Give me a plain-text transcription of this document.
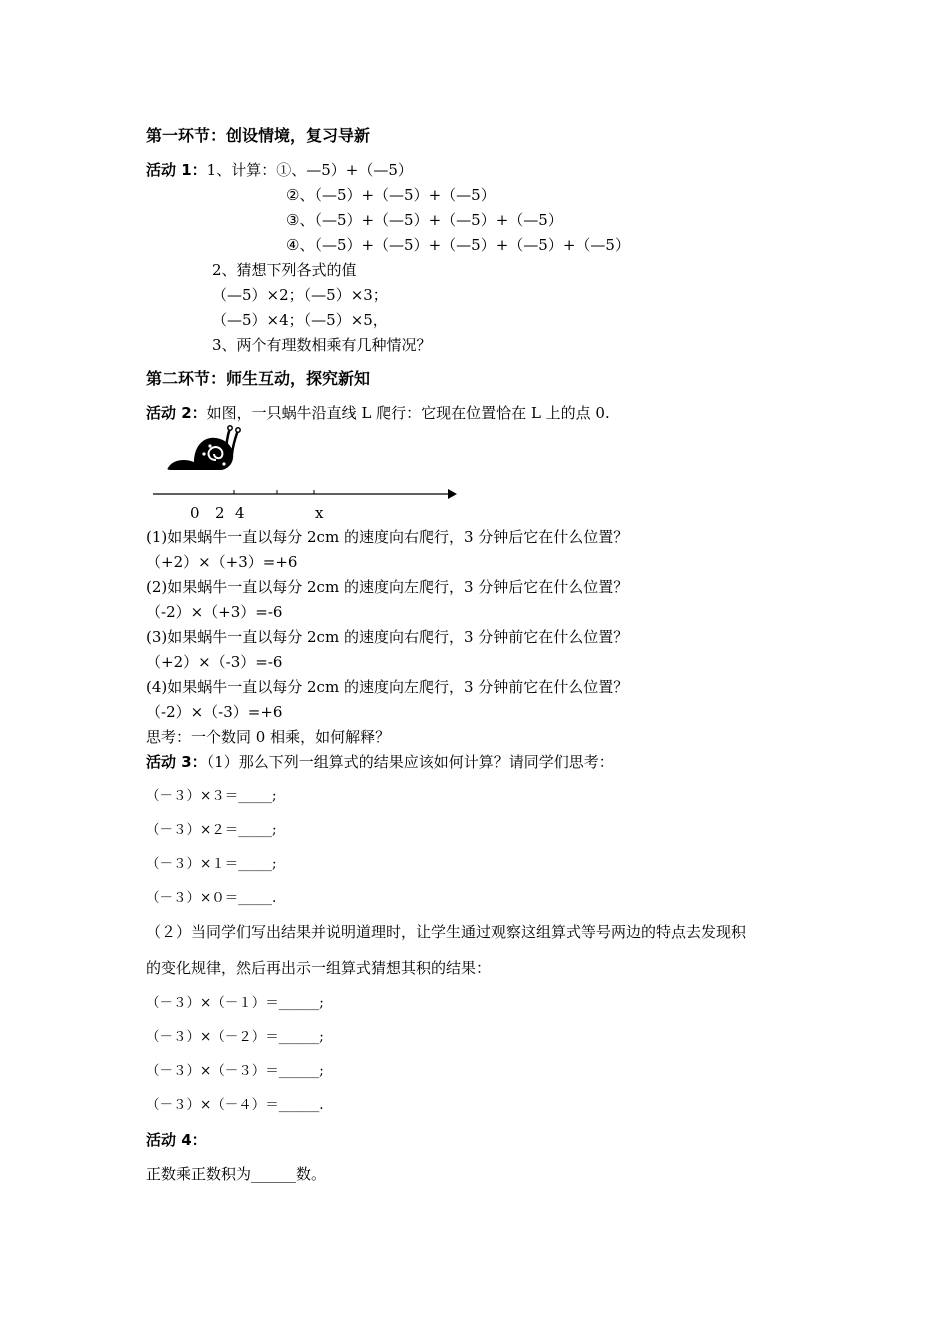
第一环节：创设情境，复习导新
活动 1：1、计算：①、—5）+（—5）
②、（—5）+（—5）+（—5）
③、（—5）+（—5）+（—5）+（—5）
④、（—5）+（—5）+（—5）+（—5）+（—5）
2、猜想下列各式的值
（—5）×2；（—5）×3；
（—5）×4；（—5）×5，
3、两个有理数相乘有几种情况？
第二环节：师生互动，探究新知
活动 2：如图，一只蜗牛沿直线 L 爬行：它现在位置恰在 L 上的点 0.
0 2 4	x
(1)如果蜗牛一直以每分 2cm 的速度向右爬行，3 分钟后它在什么位置？
（+2）×（+3）=+6
(2)如果蜗牛一直以每分 2cm 的速度向左爬行，3 分钟后它在什么位置？
（-2）×（+3）=-6
(3)如果蜗牛一直以每分 2cm 的速度向右爬行，3 分钟前它在什么位置？
（+2）×（-3）=-6
(4)如果蜗牛一直以每分 2cm 的速度向左爬行，3 分钟前它在什么位置？
（-2）×（-3）=+6
思考：一个数同 0 相乘，如何解释？
活动 3：（1）那么下列一组算式的结果应该如何计算？请同学们思考：
（－３）×３＝_____;
（－３）×２＝_____;
（－３）×１＝_____;
（－３）×０＝_____.
（２）当同学们写出结果并说明道理时，让学生通过观察这组算式等号两边的特点去发现积
的变化规律，然后再出示一组算式猜想其积的结果：
（－３）×（－１）＝______;
（－３）×（－２）＝______;
（－３）×（－３）＝______;
（－３）×（－４）＝______.
活动 4：
正数乘正数积为______数。
